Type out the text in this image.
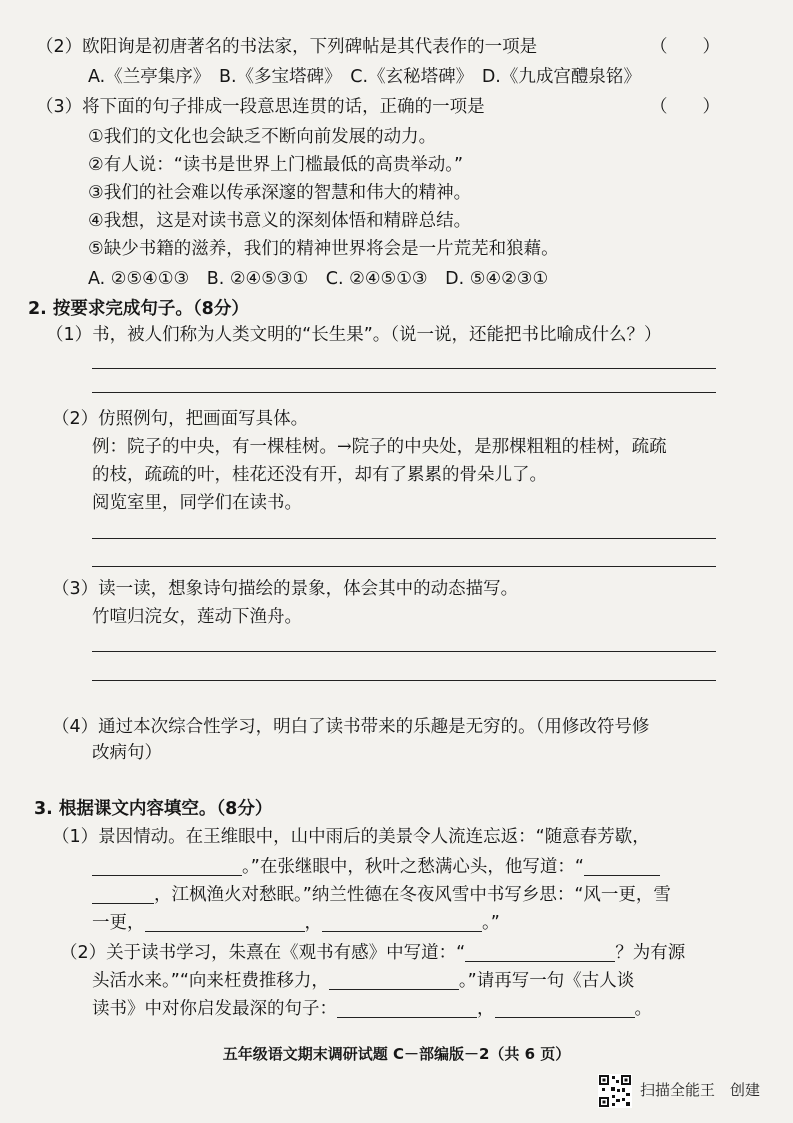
（2）欧阳询是初唐著名的书法家，下列碑帖是其代表作的一项是	（　　）
A.《兰亭集序》　B.《多宝塔碑》　C.《玄秘塔碑》　D.《九成宫醴泉铭》
（3）将下面的句子排成一段意思连贯的话，正确的一项是	（　　）
①我们的文化也会缺乏不断向前发展的动力。
②有人说：“读书是世界上门槛最低的高贵举动。”
③我们的社会难以传承深邃的智慧和伟大的精神。
④我想，这是对读书意义的深刻体悟和精辟总结。
⑤缺少书籍的滋养，我们的精神世界将会是一片荒芜和狼藉。
A. ②⑤④①③　B. ②④⑤③①　C. ②④⑤①③　D. ⑤④②③①
2. 按要求完成句子。（8分）
（1）书，被人们称为人类文明的“长生果”。（说一说，还能把书比喻成什么？）
（2）仿照例句，把画面写具体。
例：院子的中央，有一棵桂树。→院子的中央处，是那棵粗粗的桂树，疏疏
的枝，疏疏的叶，桂花还没有开，却有了累累的骨朵儿了。
阅览室里，同学们在读书。
（3）读一读，想象诗句描绘的景象，体会其中的动态描写。
竹喧归浣女，莲动下渔舟。
（4）通过本次综合性学习，明白了读书带来的乐趣是无穷的。（用修改符号修
改病句）
3. 根据课文内容填空。（8分）
（1）景因情动。在王维眼中，山中雨后的美景令人流连忘返：“随意春芳歇，
。”在张继眼中，秋叶之愁满心头，他写道：“
，江枫渔火对愁眠。”纳兰性德在冬夜风雪中书写乡思：“风一更，雪
一更，	，	。”
（2）关于读书学习，朱熹在《观书有感》中写道：“	？为有源
头活水来。”“向来枉费推移力，	。”请再写一句《古人谈
读书》中对你启发最深的句子：	，	。
五年级语文期末调研试题 C－部编版－2（共 6 页）
扫描全能王　创建
